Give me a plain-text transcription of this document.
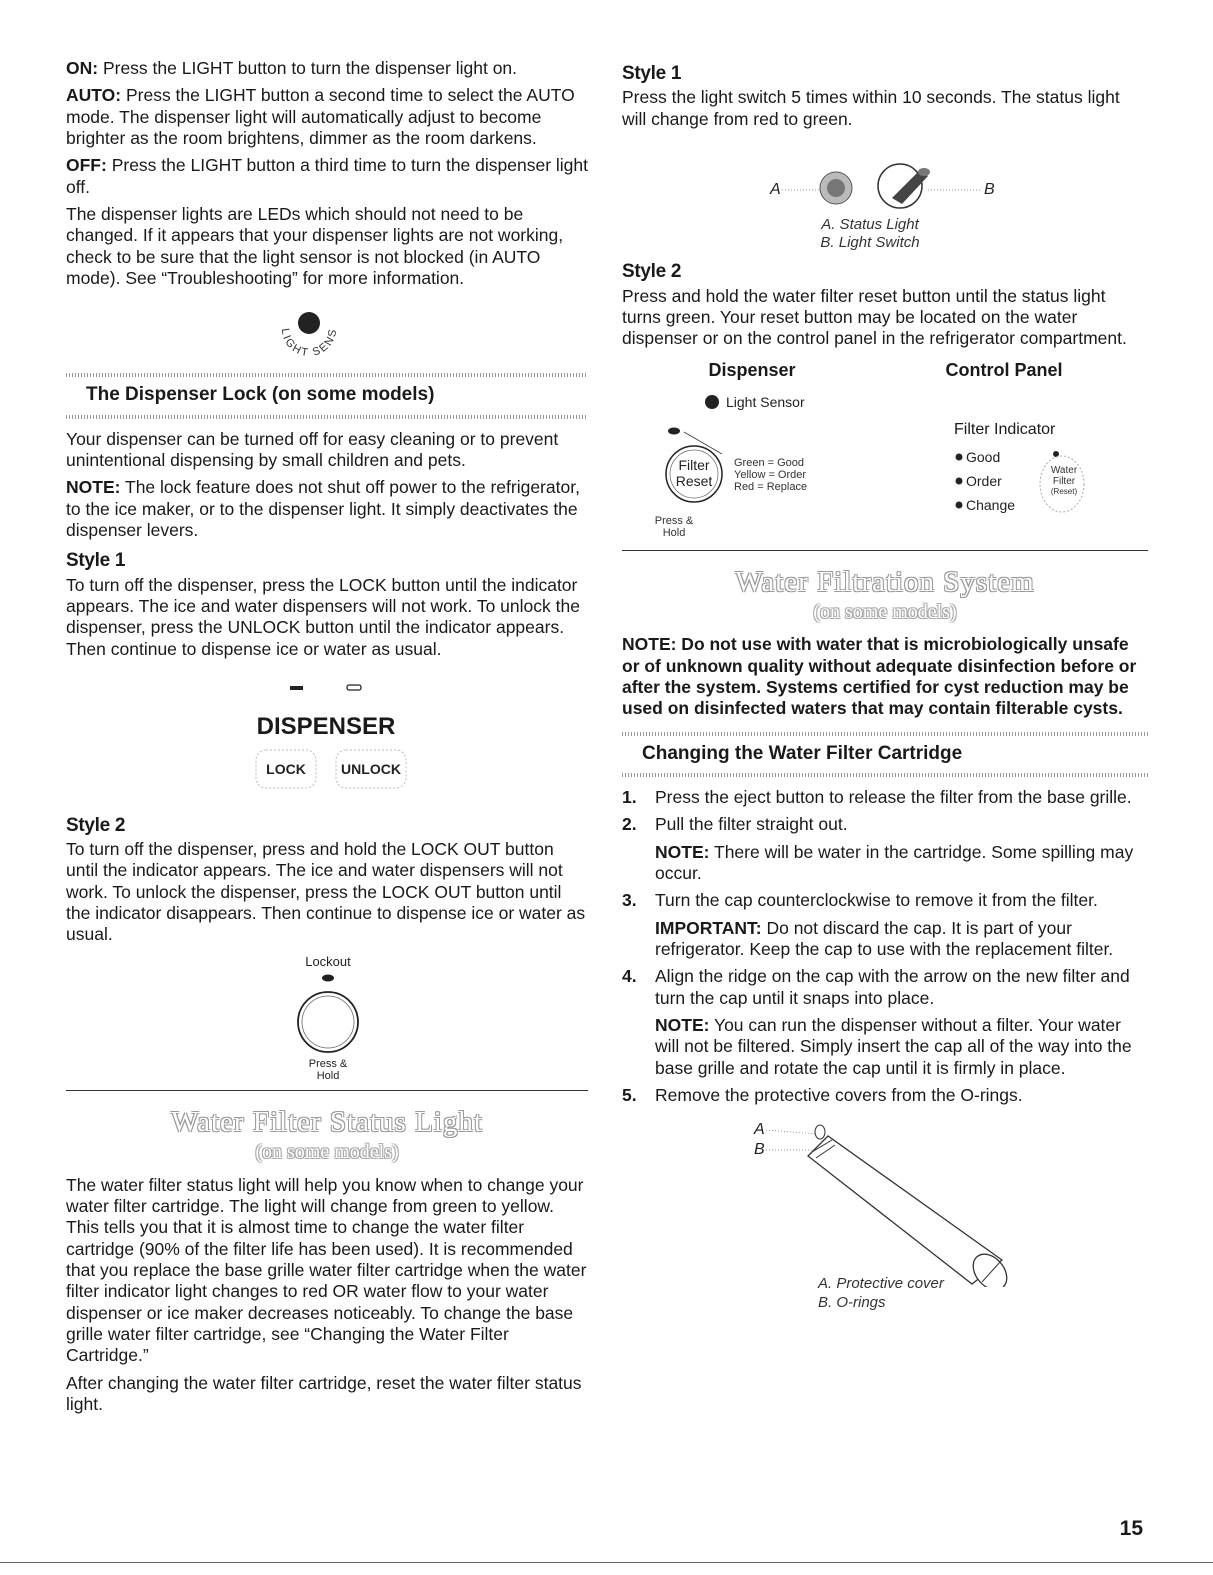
ON: Press the LIGHT button to turn the dispenser light on.

AUTO: Press the LIGHT button a second time to select the AUTO mode. The dispenser light will automatically adjust to become brighter as the room brightens, dimmer as the room darkens.

OFF: Press the LIGHT button a third time to turn the dispenser light off.

The dispenser lights are LEDs which should not need to be changed. If it appears that your dispenser lights are not working, check to be sure that the light sensor is not blocked (in AUTO mode). See “Troubleshooting” for more information.

LIGHT SENS
The Dispenser Lock (on some models)

Your dispenser can be turned off for easy cleaning or to prevent unintentional dispensing by small children and pets.

NOTE: The lock feature does not shut off power to the refrigerator, to the ice maker, or to the dispenser light. It simply deactivates the dispenser levers.

Style 1

To turn off the dispenser, press the LOCK button until the indicator appears. The ice and water dispensers will not work. To unlock the dispenser, press the UNLOCK button until the indicator appears. Then continue to dispense ice or water as usual.

DISPENSER
LOCK	UNLOCK
Style 2

To turn off the dispenser, press and hold the LOCK OUT button until the indicator appears. The ice and water dispensers will not work. To unlock the dispenser, press the LOCK OUT button until the indicator disappears. Then continue to dispense ice or water as usual.

Lockout
Press &
Hold
Water Filter Status Light
(on some models)

The water filter status light will help you know when to change your water filter cartridge. The light will change from green to yellow. This tells you that it is almost time to change the water filter cartridge (90% of the filter life has been used). It is recommended that you replace the base grille water filter cartridge when the water filter indicator light changes to red OR water flow to your water dispenser or ice maker decreases noticeably. To change the base grille water filter cartridge, see “Changing the Water Filter Cartridge.”

After changing the water filter cartridge, reset the water filter status light.

Style 1

Press the light switch 5 times within 10 seconds. The status light will change from red to green.

A	B
A. Status Light
B. Light Switch
Style 2

Press and hold the water filter reset button until the status light turns green. Your reset button may be located on the water dispenser or on the control panel in the refrigerator compartment.

Dispenser	Control Panel
Light Sensor
Filter
Reset
Green = Good
Yellow = Order
Red = Replace
Press &
Hold
Filter Indicator
Good
Order
Change
Water
Filter
(Reset)
Water Filtration System
(on some models)

NOTE: Do not use with water that is microbiologically unsafe or of unknown quality without adequate disinfection before or after the system. Systems certified for cyst reduction may be used on disinfected waters that may contain filterable cysts.

Changing the Water Filter Cartridge
1. Press the eject button to release the filter from the base grille.
2. Pull the filter straight out.
NOTE: There will be water in the cartridge. Some spilling may occur.
3. Turn the cap counterclockwise to remove it from the filter.
IMPORTANT: Do not discard the cap. It is part of your refrigerator. Keep the cap to use with the replacement filter.
4. Align the ridge on the cap with the arrow on the new filter and turn the cap until it snaps into place.
NOTE: You can run the dispenser without a filter. Your water will not be filtered. Simply insert the cap all of the way into the base grille and rotate the cap until it is firmly in place.
5. Remove the protective covers from the O-rings.
A
B
A. Protective cover
B. O-rings
15
